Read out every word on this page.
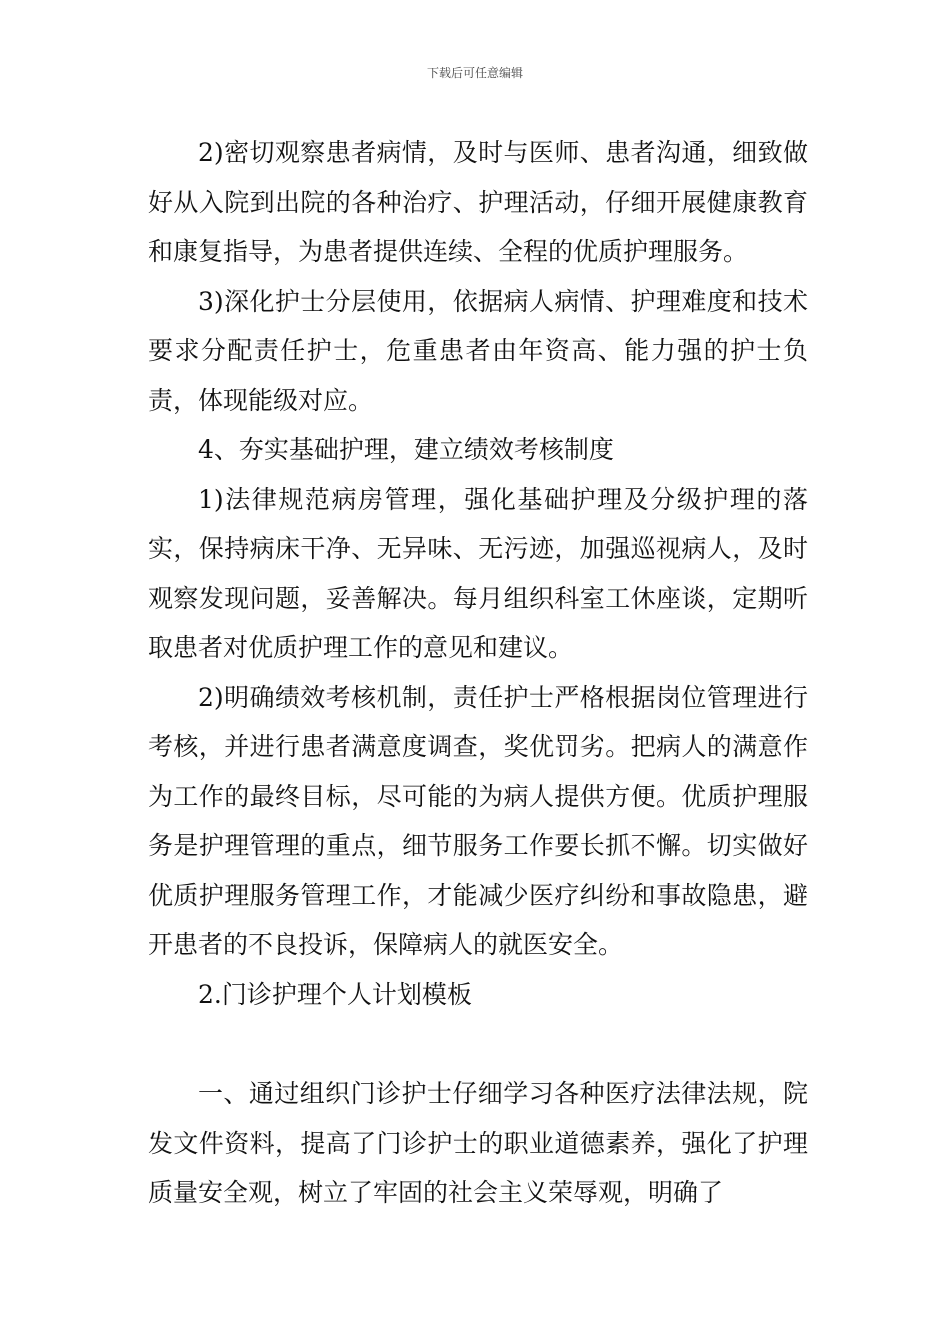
下载后可任意编辑

2)密切观察患者病情，及时与医师、患者沟通，细致做好从入院到出院的各种治疗、护理活动，仔细开展健康教育和康复指导，为患者提供连续、全程的优质护理服务。

3)深化护士分层使用，依据病人病情、护理难度和技术要求分配责任护士，危重患者由年资高、能力强的护士负责，体现能级对应。

4、夯实基础护理，建立绩效考核制度

1)法律规范病房管理，强化基础护理及分级护理的落实，保持病床干净、无异味、无污迹，加强巡视病人，及时观察发现问题，妥善解决。每月组织科室工休座谈，定期听取患者对优质护理工作的意见和建议。

2)明确绩效考核机制，责任护士严格根据岗位管理进行考核，并进行患者满意度调查，奖优罚劣。把病人的满意作为工作的最终目标，尽可能的为病人提供方便。优质护理服务是护理管理的重点，细节服务工作要长抓不懈。切实做好优质护理服务管理工作，才能减少医疗纠纷和事故隐患，避开患者的不良投诉，保障病人的就医安全。

2.门诊护理个人计划模板

一、通过组织门诊护士仔细学习各种医疗法律法规，院发文件资料，提高了门诊护士的职业道德素养，强化了护理质量安全观，树立了牢固的社会主义荣辱观，明确了
